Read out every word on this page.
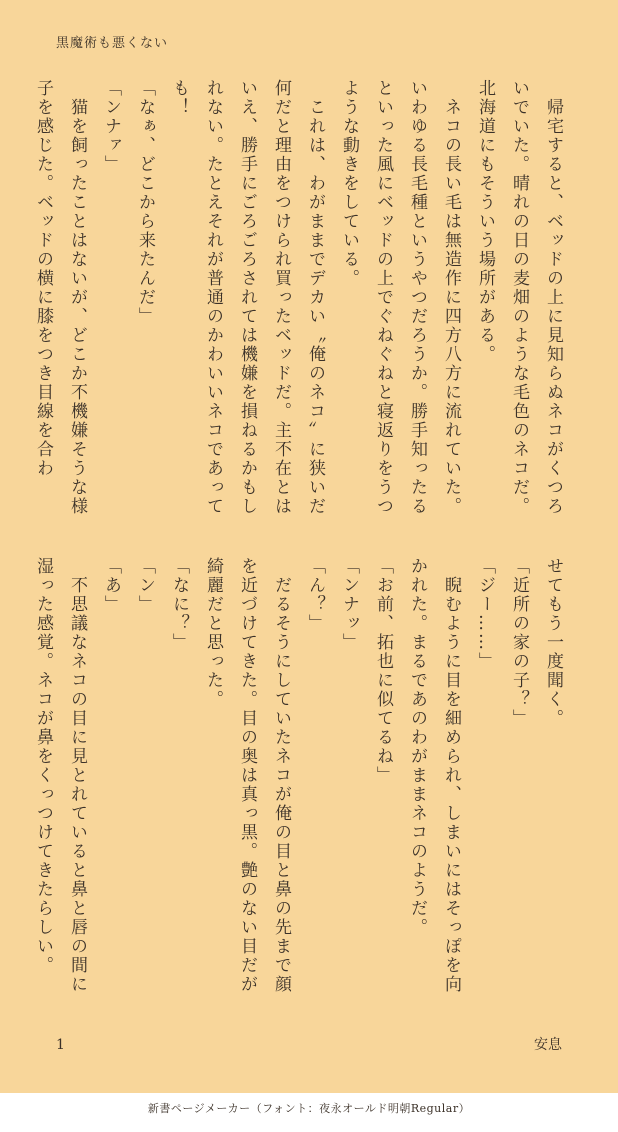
黒魔術も悪くない

　帰宅すると、ベッドの上に見知らぬネコがくつろいでいた。晴れの日の麦畑のような毛色のネコだ。北海道にもそういう場所がある。

　ネコの長い毛は無造作に四方八方に流れていた。いわゆる長毛種というやつだろうか。勝手知ったるといった風にベッドの上でぐねぐねと寝返りをうつような動きをしている。

　これは、わがままでデカい〝俺のネコ〟に狭いだ何だと理由をつけられ買ったベッドだ。主不在とはいえ、勝手にごろごろされては機嫌を損ねるかもしれない。たとえそれが普通のかわいいネコであっても！

「なぁ、どこから来たんだ」

「ンナァ」

　猫を飼ったことはないが、どこか不機嫌そうな様子を感じた。ベッドの横に膝をつき目線を合わ

せてもう一度聞く。

「近所の家の子？」

「ジー……」

　睨むように目を細められ、しまいにはそっぽを向かれた。まるであのわがままネコのようだ。

「お前、拓也に似てるね」

「ンナッ」

「ん？」

　だるそうにしていたネコが俺の目と鼻の先まで顔を近づけてきた。目の奥は真っ黒。艶のない目だが綺麗だと思った。

「なに？」

「ン」

「あ」

　不思議なネコの目に見とれていると鼻と唇の間に湿った感覚。ネコが鼻をくっつけてきたらしい。

1	安息
新書ページメーカー（フォント：夜永オールド明朝Regular）
